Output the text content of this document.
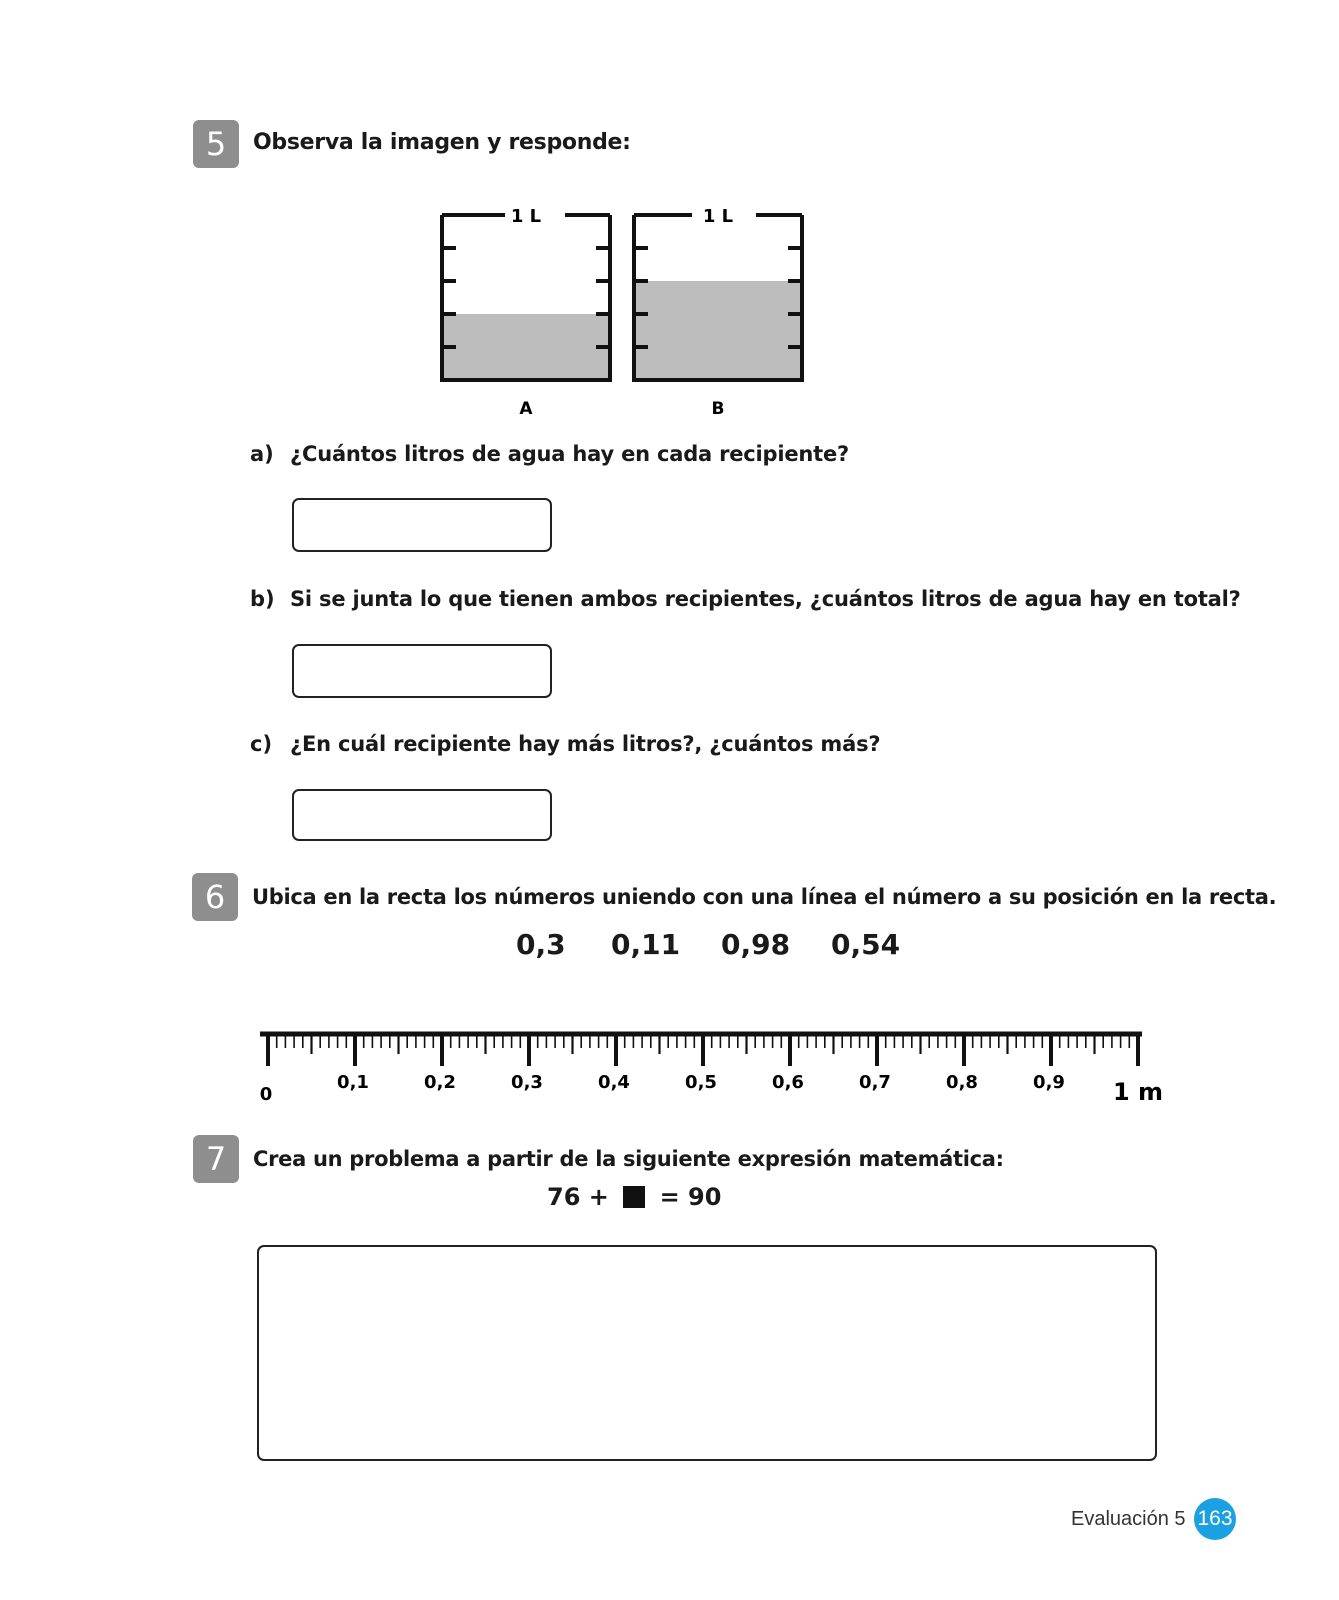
5	Observa la imagen y responde:
1 L
A
1 L
B
a) ¿Cuántos litros de agua hay en cada recipiente?
b) Si se junta lo que tienen ambos recipientes, ¿cuántos litros de agua hay en total?
c) ¿En cuál recipiente hay más litros?, ¿cuántos más?
6	Ubica en la recta los números uniendo con una línea el número a su posición en la recta.
0,3 0,11 0,98 0,54
0
0,1	0,2	0,3	0,4	0,5	0,6	0,7	0,8	0,9 1 m
7	Crea un problema a partir de la siguiente expresión matemática:
76 + = 90
Evaluación 5 163
